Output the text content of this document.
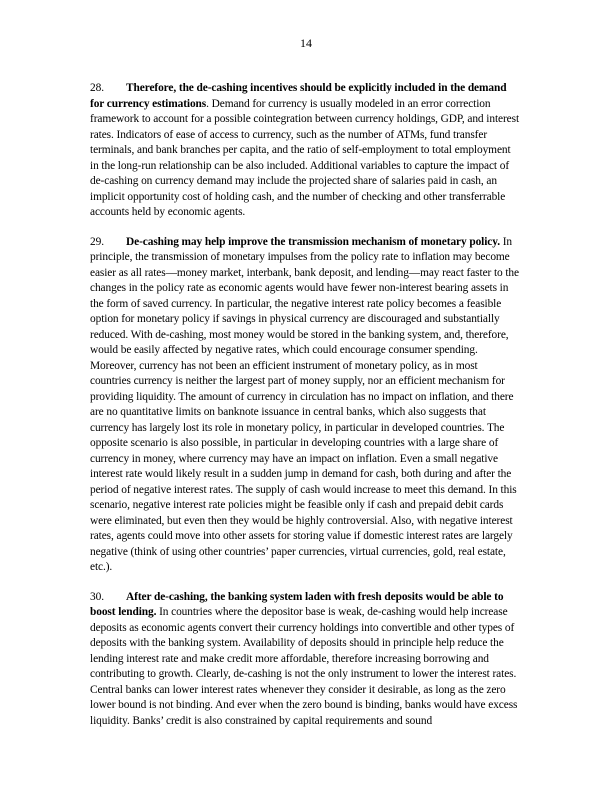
14

28. Therefore, the de-cashing incentives should be explicitly included in the demand for currency estimations. Demand for currency is usually modeled in an error correction framework to account for a possible cointegration between currency holdings, GDP, and interest rates. Indicators of ease of access to currency, such as the number of ATMs, fund transfer terminals, and bank branches per capita, and the ratio of self-employment to total employment in the long-run relationship can be also included. Additional variables to capture the impact of de-cashing on currency demand may include the projected share of salaries paid in cash, an implicit opportunity cost of holding cash, and the number of checking and other transferrable accounts held by economic agents.

29. De-cashing may help improve the transmission mechanism of monetary policy. In principle, the transmission of monetary impulses from the policy rate to inflation may become easier as all rates—money market, interbank, bank deposit, and lending—may react faster to the changes in the policy rate as economic agents would have fewer non-interest bearing assets in the form of saved currency. In particular, the negative interest rate policy becomes a feasible option for monetary policy if savings in physical currency are discouraged and substantially reduced. With de-cashing, most money would be stored in the banking system, and, therefore, would be easily affected by negative rates, which could encourage consumer spending. Moreover, currency has not been an efficient instrument of monetary policy, as in most countries currency is neither the largest part of money supply, nor an efficient mechanism for providing liquidity. The amount of currency in circulation has no impact on inflation, and there are no quantitative limits on banknote issuance in central banks, which also suggests that currency has largely lost its role in monetary policy, in particular in developed countries. The opposite scenario is also possible, in particular in developing countries with a large share of currency in money, where currency may have an impact on inflation. Even a small negative interest rate would likely result in a sudden jump in demand for cash, both during and after the period of negative interest rates. The supply of cash would increase to meet this demand. In this scenario, negative interest rate policies might be feasible only if cash and prepaid debit cards were eliminated, but even then they would be highly controversial. Also, with negative interest rates, agents could move into other assets for storing value if domestic interest rates are largely negative (think of using other countries’ paper currencies, virtual currencies, gold, real estate, etc.).

30. After de-cashing, the banking system laden with fresh deposits would be able to boost lending. In countries where the depositor base is weak, de-cashing would help increase deposits as economic agents convert their currency holdings into convertible and other types of deposits with the banking system. Availability of deposits should in principle help reduce the lending interest rate and make credit more affordable, therefore increasing borrowing and contributing to growth. Clearly, de-cashing is not the only instrument to lower the interest rates. Central banks can lower interest rates whenever they consider it desirable, as long as the zero lower bound is not binding. And ever when the zero bound is binding, banks would have excess liquidity. Banks’ credit is also constrained by capital requirements and sound
